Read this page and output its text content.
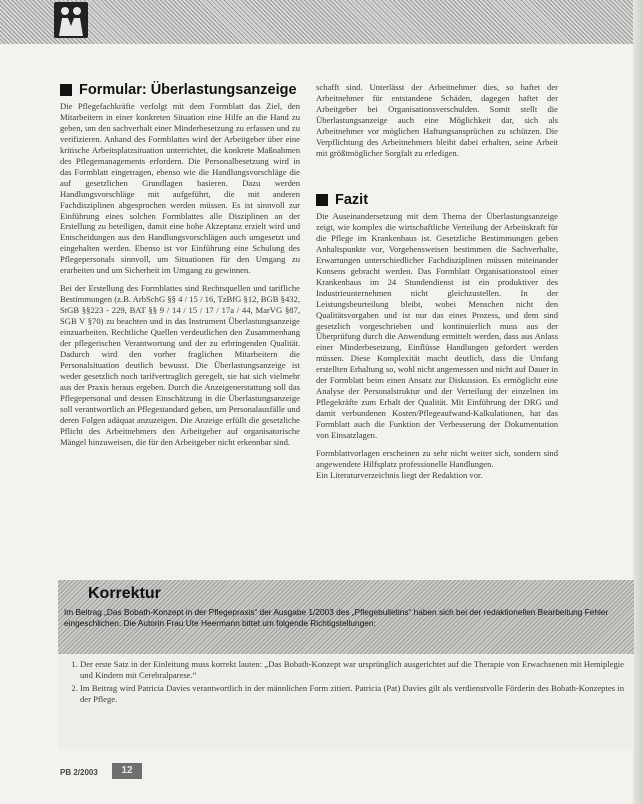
Formular: Überlastungsanzeige

Die Pflegefachkräfte verfolgt mit dem Formblatt das Ziel, den Mitarbeitern in einer konkreten Situation eine Hilfe an die Hand zu geben, um den sachverhalt einer Minderbesetzung zu erfassen und zu verifizieren. Anhand des Formblattes wird der Arbeitgeber über eine kritische Arbeitsplatzsituation unterrichtet, die konkrete Maßnahmen des Pflegemanagements erfordern. Die Personalbesetzung wird in das Formblatt eingetragen, ebenso wie die Handlungsvorschläge die auf gesetzlichen Grundlagen basieren. Dazu werden Handlungsvorschläge mit aufgeführt, die mit anderen Fachdisziplinen abgesprochen werden müssen. Es ist sinnvoll zur Einführung eines solchen Formblattes alle Disziplinen an der Erstellung zu beteiligen, damit eine hohe Akzeptanz erzielt wird und Entscheidungen aus den Handlungsvorschlägen auch umgesetzt und eingehalten werden. Ebenso ist vor Einführung eine Schulung des Pflegepersonals sinnvoll, um Situationen für den Umgang zu erarbeiten und um Sicherheit im Umgang zu gewinnen.

Bei der Erstellung des Formblattes sind Rechtsquellen und tarifliche Bestimmungen (z.B. ArbSchG §§ 4 / 15 / 16, TzBfG §12, BGB §432, StGB §§223 - 229, BAT §§ 9 / 14 / 15 / 17 / 17a / 44, MarVG §87, SGB V §70) zu beachten und in das Instrument Überlastungsanzeige einzuarbeiten. Rechtliche Quellen verdeutlichen den Zusammenhang der pflegerischen Verantwortung und der zu erbringenden Qualität. Dadurch wird den vorher fraglichen Mitarbeitern die Personalsituation deutlich bewusst. Die Überlastungsanzeige ist weder gesetzlich noch tarifvertraglich geregelt, sie hat sich vielmehr aus der Praxis heraus ergeben. Durch die Anzeigenerstattung soll das Pflegepersonal und dessen Einschätzung in die Überlastungsanzeige soll verantwortlich an Pflegestandard geben, um Personalausfälle und deren Folgen adäquat anzuzeigen. Die Anzeige erfüllt die gesetzliche Pflicht des Arbeitnehmers den Arbeitgeber auf organisatorische Mängel hinzuweisen, die für den Arbeitgeber nicht erkennbar sind.

schafft sind. Unterlässt der Arbeitnehmer dies, so haftet der Arbeitnehmer für entstandene Schäden, dagegen haftet der Arbeitgeber bei Organisationsverschulden. Somit stellt die Überlastungsanzeige auch eine Möglichkeit dar, sich als Arbeitnehmer vor möglichen Haftungsansprüchen zu schützen. Die Verpflichtung des Arbeitnehmers bleibt dabei erhalten, seine Arbeit mit größtmöglicher Sorgfalt zu erledigen.

Fazit

Die Auseinandersetzung mit dem Thema der Überlastungsanzeige zeigt, wie komplex die wirtschaftliche Verteilung der Arbeitskraft für die Pflege im Krankenhaus ist. Gesetzliche Bestimmungen geben Anhaltspunkte vor, Vorgehensweisen bestimmen die Sachverhalte, Erwartungen unterschiedlicher Fachdisziplinen müssen miteinander Konsens gebracht werden. Das Formblatt Organisationstool einer Krankenhaus im 24 Stundendienst ist ein produktiver des Industrieunternehmen nicht gleichzustellen. In der Leistungsbeurteilung bleibt, wobei Menschen nicht den Qualitätsvorgaben und ist nur das eines Prozess, und dem sind gesetzlich vorgeschrieben und kontinuierlich muss aus der Überprüfung durch die Anwendung ermittelt werden, dass aus Anlass einer Minderbesetzung, Einflüsse Handlungen gefordert werden müssen. Diese Komplexität macht deutlich, dass die Umfang erstellten Erhaltung so, wohl nicht angemessen und nicht auf Dauer in der Formblatt beim einen Ansatz zur Diskussion. Es ermöglicht eine Analyse der Personalstruktur und der Verteilung der einzelnen im Pflegekräfte zum Erhalt der Qualität. Mit Einführung der DRG und damit verbundenen Kosten/Pflegeaufwand-Kalkulationen, hat das Formblatt auch die Funktion der Verbesserung der Dokumentation von Einsatzlagen.

Formblattvorlagen erscheinen zu sehr nicht weiter sich, sondern sind angewendete Hilfsplatz professionelle Handlungen.

Ein Literaturverzeichnis liegt der Redaktion vor.

Korrektur
Im Beitrag „Das Bobath-Konzept in der Pflegepraxis“ der Ausgabe 1/2003 des „Pflegebulletins“ haben sich bei der redaktionellen Bearbeitung Fehler eingeschlichen. Die Autorin Frau Ute Heermann bittet um folgende Richtigstellungen:
1. Der erste Satz in der Einleitung muss korrekt lauten: „Das Bobath-Konzept war ursprünglich ausgerichtet auf die Therapie von Erwachsenen mit Hemiplegie und Kindern mit Cerebralparese.“
2. Im Beitrag wird Patricia Davies verantwortlich in der männlichen Form zitiert. Patricia (Pat) Davies gilt als verdienstvolle Förderin des Bobath-Konzeptes in der Pflege.
PB 2/2003	12
